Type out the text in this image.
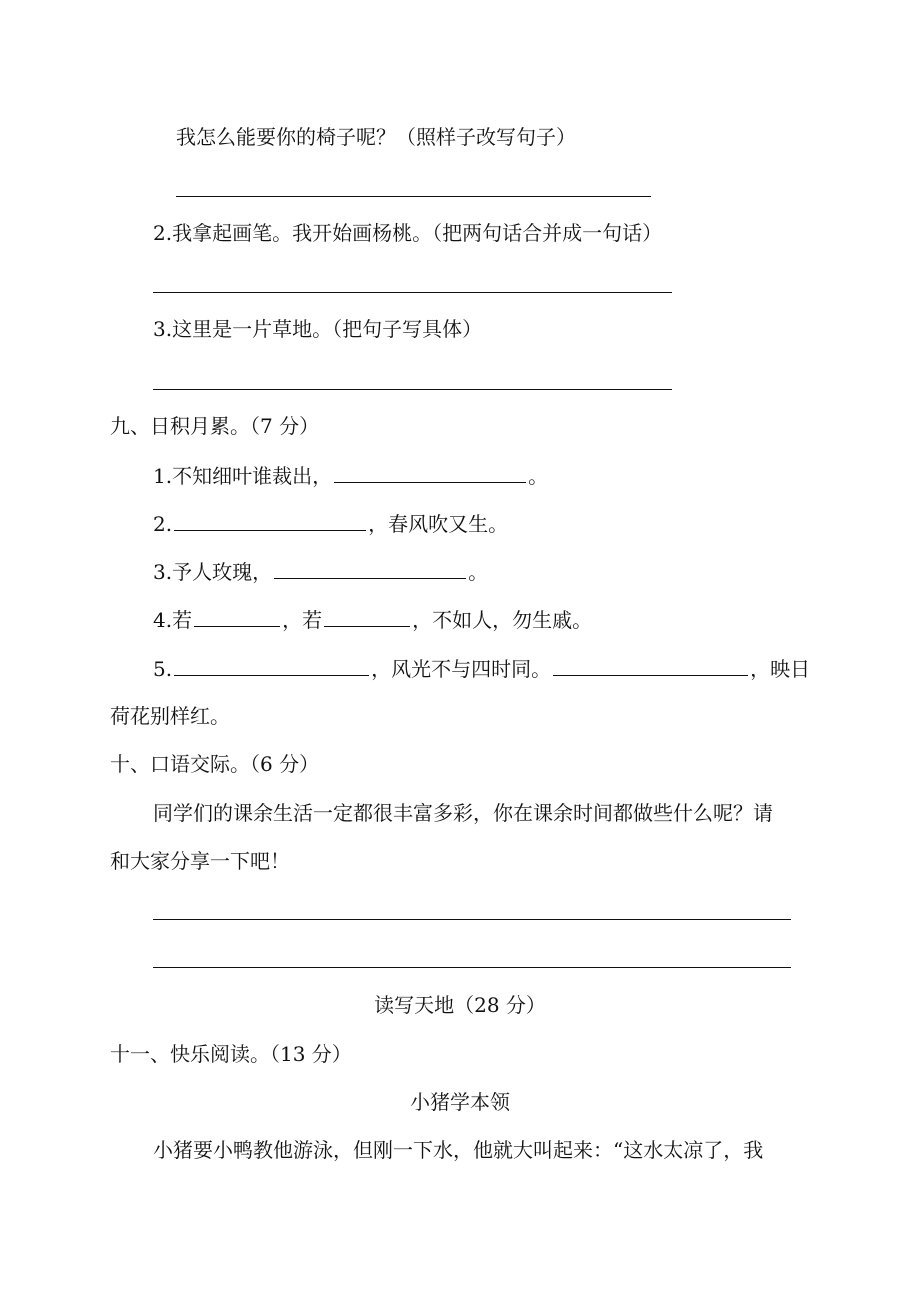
我怎么能要你的椅子呢？（照样子改写句子）
2.我拿起画笔。我开始画杨桃。（把两句话合并成一句话）
3.这里是一片草地。（把句子写具体）
九、日积月累。（7 分）
1.不知细叶谁裁出，	。
2.	，春风吹又生。
3.予人玫瑰，	。
4.若	，若	，不如人，勿生戚。
5.	，风光不与四时同。	，映日
荷花别样红。
十、口语交际。（6 分）
同学们的课余生活一定都很丰富多彩，你在课余时间都做些什么呢？请
和大家分享一下吧！
读写天地（28 分）
十一、快乐阅读。（13 分）
小猪学本领
小猪要小鸭教他游泳，但刚一下水，他就大叫起来：“这水太凉了，我
